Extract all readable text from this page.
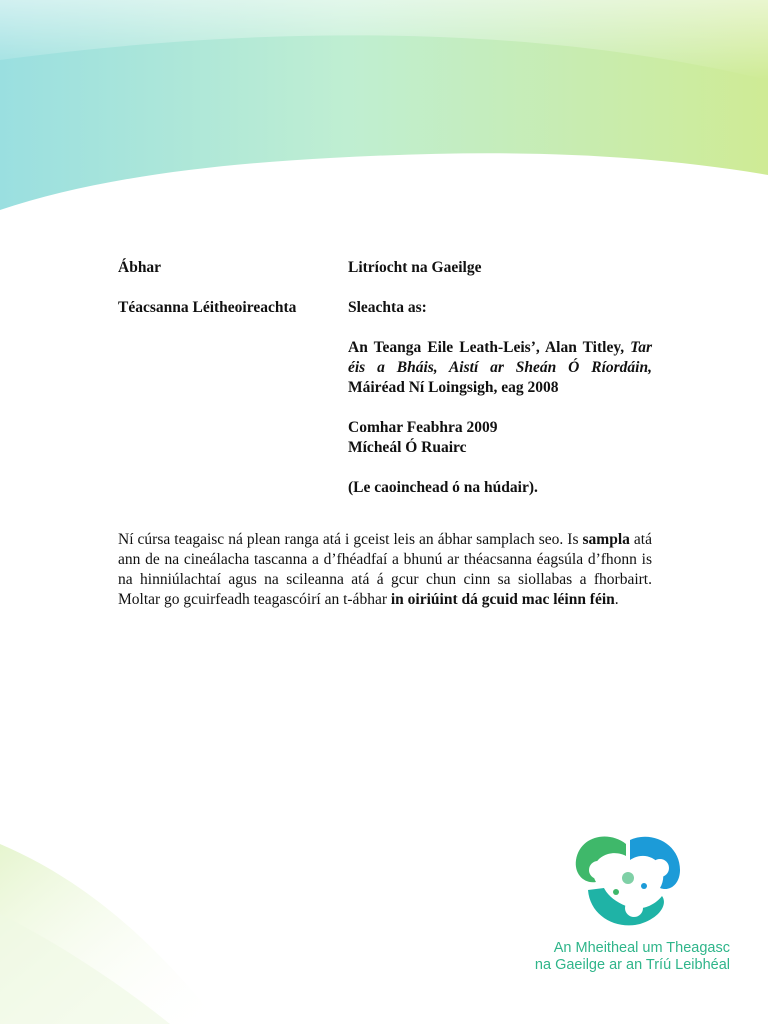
Ábhar	Litríocht na Gaeilge
Téacsanna Léitheoireachta	Sleachta as:
An Teanga Eile Leath-Leis’, Alan Titley, Tar éis a Bháis, Aistí ar Sheán Ó Ríordáin, Máiréad Ní Loingsigh, eag 2008
Comhar Feabhra 2009
Mícheál Ó Ruairc
(Le caoinchead ó na húdair).
Ní cúrsa teagaisc ná plean ranga atá i gceist leis an ábhar samplach seo. Is sampla atá ann de na cineálacha tascanna a d’fhéadfaí a bhunú ar théacsanna éagsúla d’fhonn is na hinniúlachtaí agus na scileanna atá á gcur chun cinn sa siollabas a fhorbairt. Moltar go gcuirfeadh teagascóirí an t-ábhar in oiriúint dá gcuid mac léinn féin.
An Mheitheal um Theagasc
na Gaeilge ar an Tríú Leibhéal
